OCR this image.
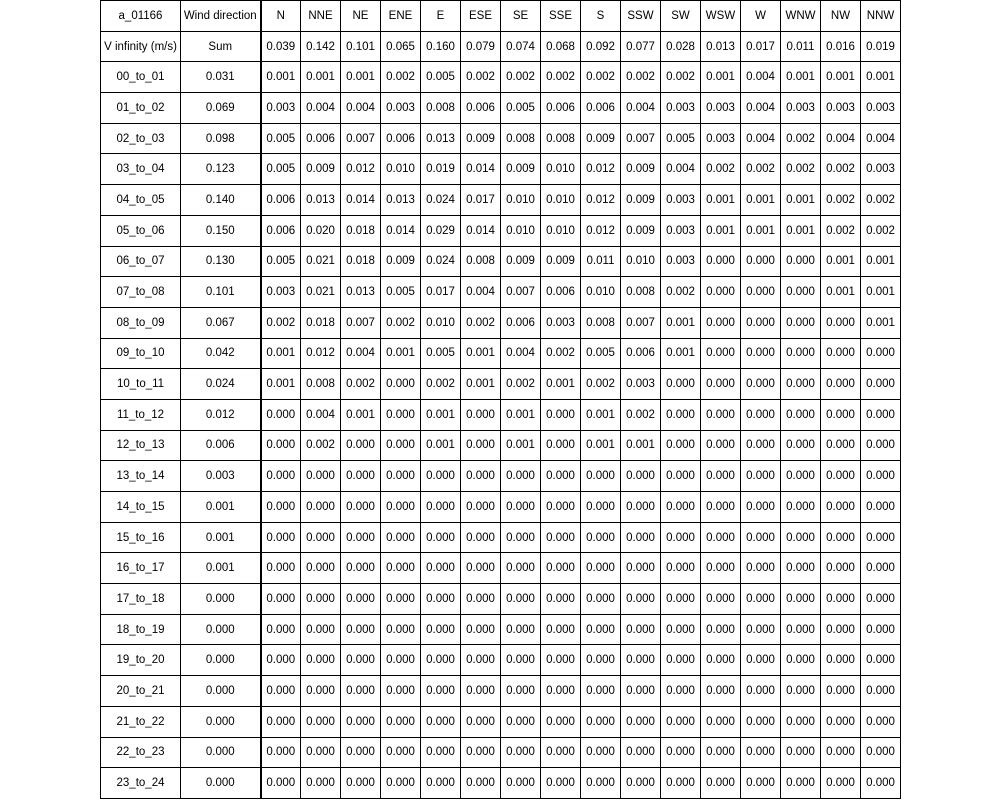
a_01166	Wind direction	N	NNE	NE	ENE	E	ESE	SE	SSE	S	SSW	SW	WSW	W	WNW	NW	NNW
V infinity (m/s)	Sum	0.039	0.142	0.101	0.065	0.160	0.079	0.074	0.068	0.092	0.077	0.028	0.013	0.017	0.011	0.016	0.019
00_to_01	0.031	0.001	0.001	0.001	0.002	0.005	0.002	0.002	0.002	0.002	0.002	0.002	0.001	0.004	0.001	0.001	0.001
01_to_02	0.069	0.003	0.004	0.004	0.003	0.008	0.006	0.005	0.006	0.006	0.004	0.003	0.003	0.004	0.003	0.003	0.003
02_to_03	0.098	0.005	0.006	0.007	0.006	0.013	0.009	0.008	0.008	0.009	0.007	0.005	0.003	0.004	0.002	0.004	0.004
03_to_04	0.123	0.005	0.009	0.012	0.010	0.019	0.014	0.009	0.010	0.012	0.009	0.004	0.002	0.002	0.002	0.002	0.003
04_to_05	0.140	0.006	0.013	0.014	0.013	0.024	0.017	0.010	0.010	0.012	0.009	0.003	0.001	0.001	0.001	0.002	0.002
05_to_06	0.150	0.006	0.020	0.018	0.014	0.029	0.014	0.010	0.010	0.012	0.009	0.003	0.001	0.001	0.001	0.002	0.002
06_to_07	0.130	0.005	0.021	0.018	0.009	0.024	0.008	0.009	0.009	0.011	0.010	0.003	0.000	0.000	0.000	0.001	0.001
07_to_08	0.101	0.003	0.021	0.013	0.005	0.017	0.004	0.007	0.006	0.010	0.008	0.002	0.000	0.000	0.000	0.001	0.001
08_to_09	0.067	0.002	0.018	0.007	0.002	0.010	0.002	0.006	0.003	0.008	0.007	0.001	0.000	0.000	0.000	0.000	0.001
09_to_10	0.042	0.001	0.012	0.004	0.001	0.005	0.001	0.004	0.002	0.005	0.006	0.001	0.000	0.000	0.000	0.000	0.000
10_to_11	0.024	0.001	0.008	0.002	0.000	0.002	0.001	0.002	0.001	0.002	0.003	0.000	0.000	0.000	0.000	0.000	0.000
11_to_12	0.012	0.000	0.004	0.001	0.000	0.001	0.000	0.001	0.000	0.001	0.002	0.000	0.000	0.000	0.000	0.000	0.000
12_to_13	0.006	0.000	0.002	0.000	0.000	0.001	0.000	0.001	0.000	0.001	0.001	0.000	0.000	0.000	0.000	0.000	0.000
13_to_14	0.003	0.000	0.000	0.000	0.000	0.000	0.000	0.000	0.000	0.000	0.000	0.000	0.000	0.000	0.000	0.000	0.000
14_to_15	0.001	0.000	0.000	0.000	0.000	0.000	0.000	0.000	0.000	0.000	0.000	0.000	0.000	0.000	0.000	0.000	0.000
15_to_16	0.001	0.000	0.000	0.000	0.000	0.000	0.000	0.000	0.000	0.000	0.000	0.000	0.000	0.000	0.000	0.000	0.000
16_to_17	0.001	0.000	0.000	0.000	0.000	0.000	0.000	0.000	0.000	0.000	0.000	0.000	0.000	0.000	0.000	0.000	0.000
17_to_18	0.000	0.000	0.000	0.000	0.000	0.000	0.000	0.000	0.000	0.000	0.000	0.000	0.000	0.000	0.000	0.000	0.000
18_to_19	0.000	0.000	0.000	0.000	0.000	0.000	0.000	0.000	0.000	0.000	0.000	0.000	0.000	0.000	0.000	0.000	0.000
19_to_20	0.000	0.000	0.000	0.000	0.000	0.000	0.000	0.000	0.000	0.000	0.000	0.000	0.000	0.000	0.000	0.000	0.000
20_to_21	0.000	0.000	0.000	0.000	0.000	0.000	0.000	0.000	0.000	0.000	0.000	0.000	0.000	0.000	0.000	0.000	0.000
21_to_22	0.000	0.000	0.000	0.000	0.000	0.000	0.000	0.000	0.000	0.000	0.000	0.000	0.000	0.000	0.000	0.000	0.000
22_to_23	0.000	0.000	0.000	0.000	0.000	0.000	0.000	0.000	0.000	0.000	0.000	0.000	0.000	0.000	0.000	0.000	0.000
23_to_24	0.000	0.000	0.000	0.000	0.000	0.000	0.000	0.000	0.000	0.000	0.000	0.000	0.000	0.000	0.000	0.000	0.000
